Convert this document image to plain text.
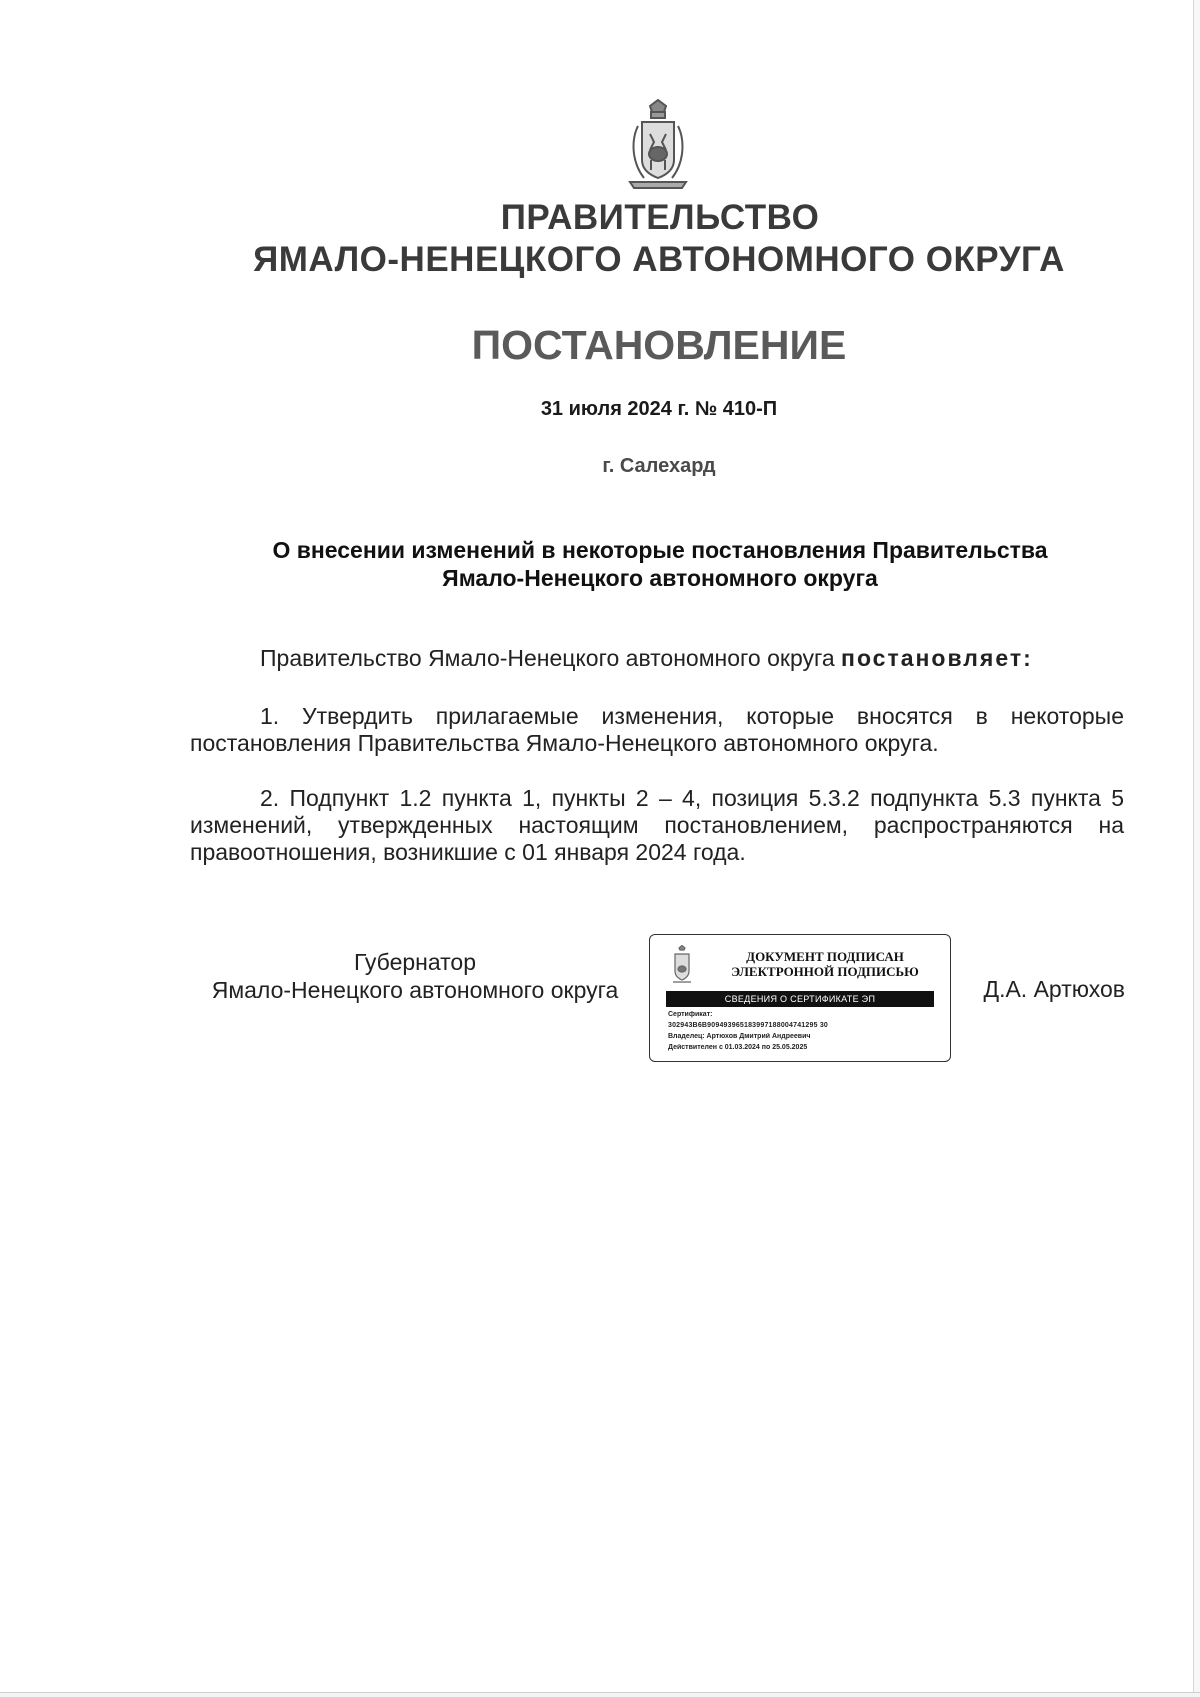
ПРАВИТЕЛЬСТВО
ЯМАЛО-НЕНЕЦКОГО АВТОНОМНОГО ОКРУГА
ПОСТАНОВЛЕНИЕ
31 июля 2024 г. № 410-П
г. Салехард
О внесении изменений в некоторые постановления Правительства
Ямало-Ненецкого автономного округа

Правительство Ямало-Ненецкого автономного округа постановляет:

1. Утвердить прилагаемые изменения, которые вносятся в некоторые постановления Правительства Ямало-Ненецкого автономного округа.

2. Подпункт 1.2 пункта 1, пункты 2 – 4, позиция 5.3.2 подпункта 5.3 пункта 5 изменений, утвержденных настоящим постановлением, распространяются на правоотношения, возникшие с 01 января 2024 года.

Губернатор
Ямало-Ненецкого автономного округа
ДОКУМЕНТ ПОДПИСАН
ЭЛЕКТРОННОЙ ПОДПИСЬЮ
СВЕДЕНИЯ О СЕРТИФИКАТЕ ЭП
Сертификат:
302943B6B909493965183997188004741295 30
Владелец: Артюхов Дмитрий Андреевич
Действителен с 01.03.2024 по 25.05.2025
Д.А. Артюхов
